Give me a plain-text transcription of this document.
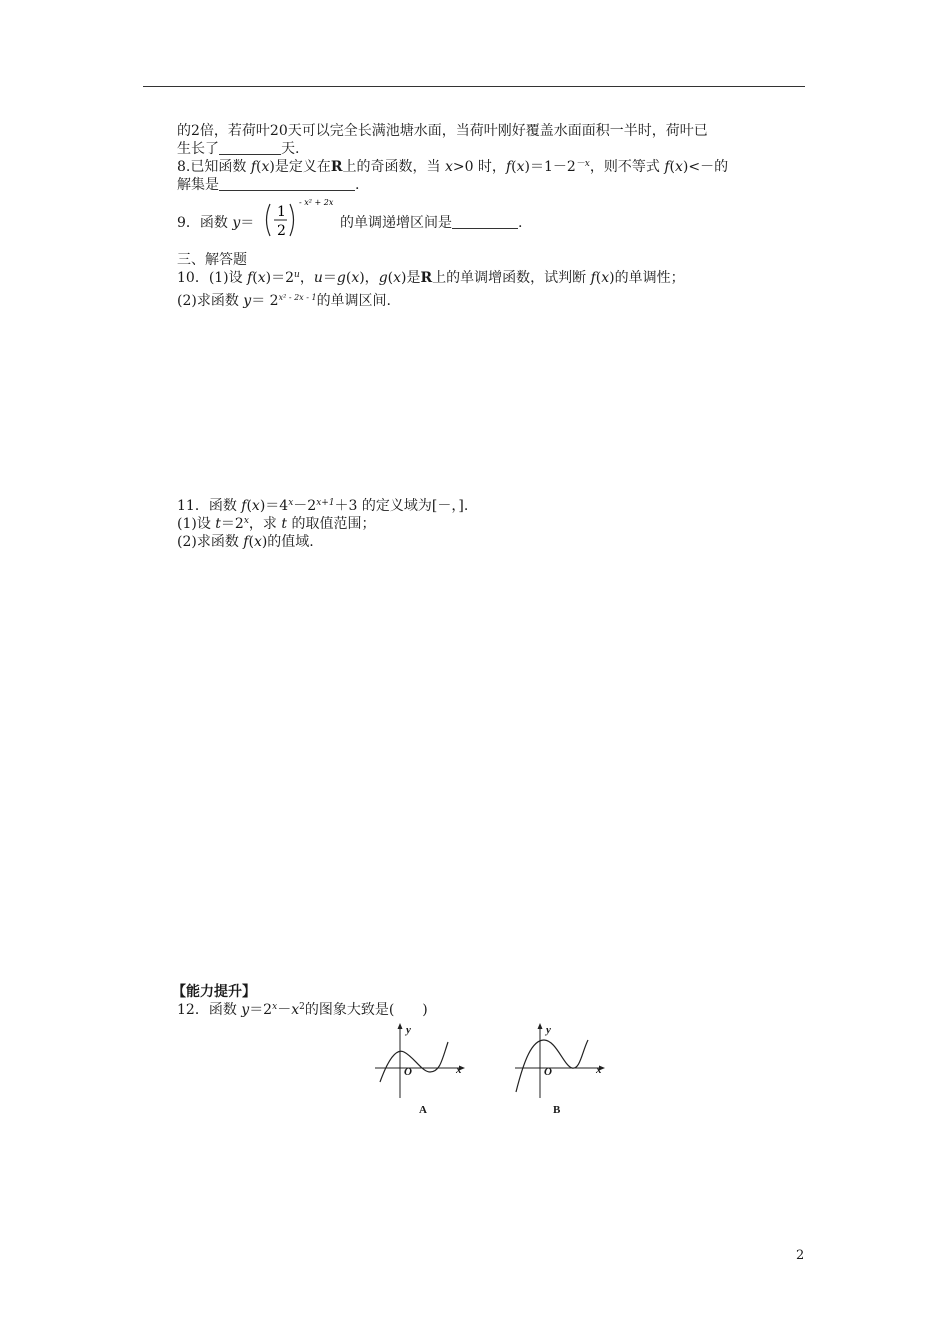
的2倍，若荷叶20天可以完全长满池塘水面，当荷叶刚好覆盖水面面积一半时，荷叶已
生长了	天.
8.已知函数 f(x)是定义在R上的奇函数，当 x>0 时，$f(x)=1-2^{-x}$，则不等式 f(x)<－的
解集是	.
9．函数 y＝
1
2
- x² + 2x
的单调递增区间是	.
三、解答题
10．(1)设 $f(x)=2^u$，u＝g(x)，g(x)是R上的单调增函数，试判断 f(x)的单调性；
(2)求函数 $y= 2^{x^2 - 2x - 1}$的单调区间.
11．函数 $f(x)=4^x-2^{x+1}+3$ 的定义域为[－，].
(1)设 $t=2^x$，求 t 的取值范围；
(2)求函数 f(x)的值域.
【能力提升】
12．函数 $y=2^x-x^2$的图象大致是(　　)
y
O	x
A
y
O	x
B
2
